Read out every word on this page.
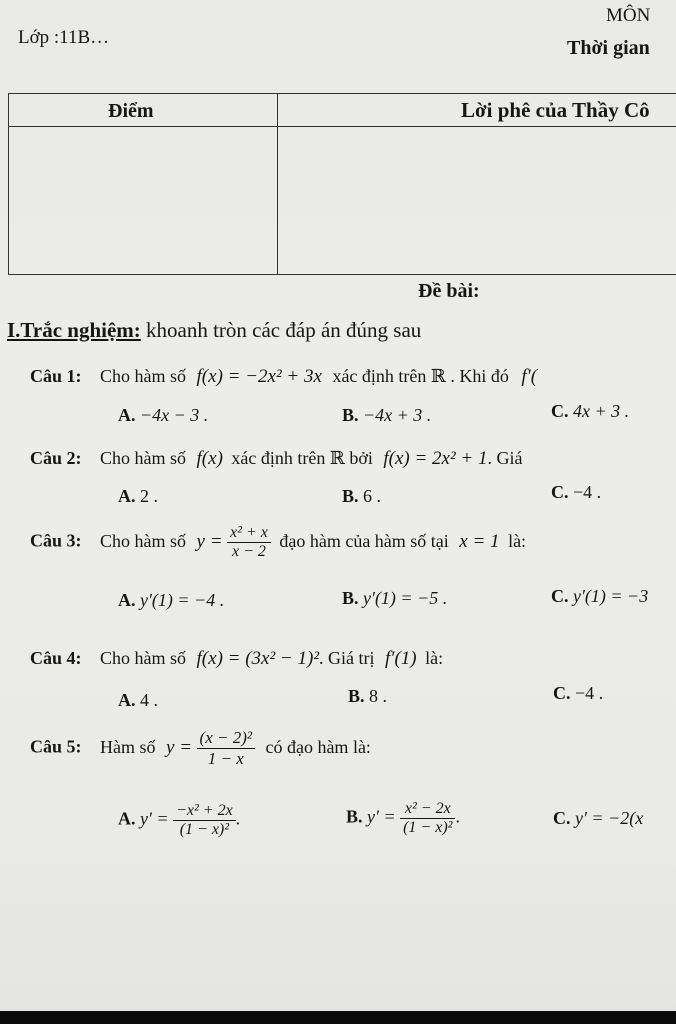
Lớp :11B…
MÔN
Thời gian
Điểm	Lời phê của Thầy Cô
Đề bài:
I.Trắc nghiệm: khoanh tròn các đáp án đúng sau
Câu 1: Cho hàm số f(x) = −2x² + 3x xác định trên ℝ . Khi đó f′(
A. −4x − 3 .	B. −4x + 3 .	C. 4x + 3 .
Câu 2: Cho hàm số f(x) xác định trên ℝ bởi f(x) = 2x² + 1. Giá
A. 2 .	B. 6 .	C. −4 .
Câu 3: Cho hàm số $y = \frac{\text{x² + x}}{x - 2}$ đạo hàm của hàm số tại x = 1 là:
A. y′(1) = −4 .	B. y′(1) = −5 .	C. y′(1) = −3
Câu 4: Cho hàm số f(x) = (3x² − 1)². Giá trị f′(1) là:
A. 4 .	B. 8 .	C. −4 .
Câu 5: Hàm số $y = \frac{\text{(x − 2)²}}{1 - x}$ có đạo hàm là:
A. $y' = \frac{\text{−x² + 2x}}{\text{(1 − x)²}}$ .	B. $y' = \frac{\text{x² − 2x}}{\text{(1 − x)²}}$ .	C. y′ = −2(x
